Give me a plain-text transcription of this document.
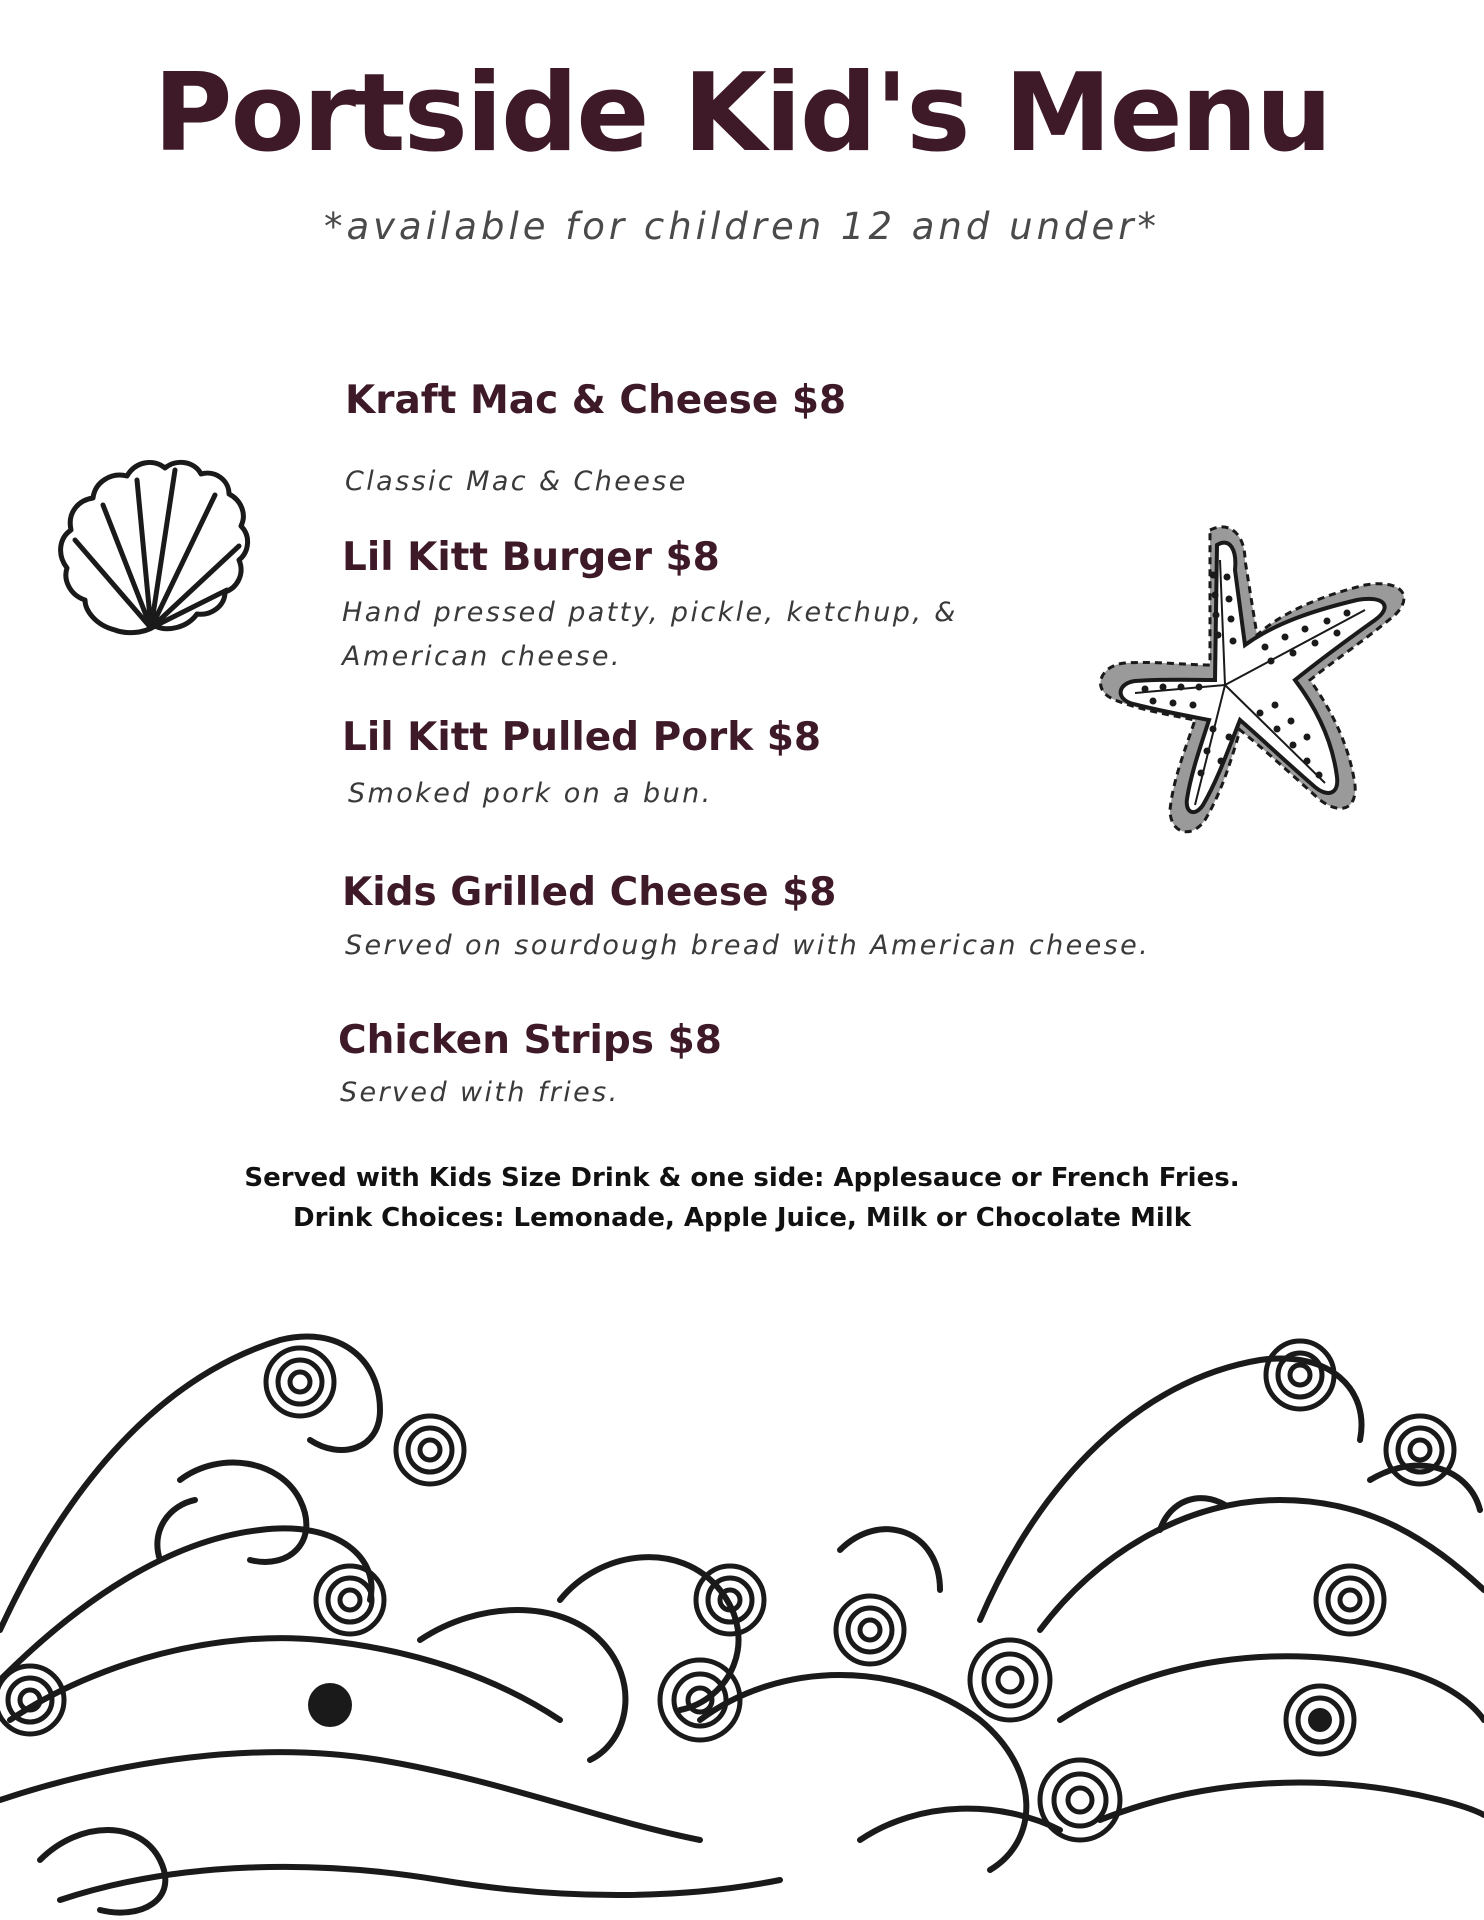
Portside Kid's Menu
*available for children 12 and under*
Kraft Mac & Cheese $8
Classic Mac & Cheese
Lil Kitt Burger $8
Hand pressed patty, pickle, ketchup, & American cheese.
Lil Kitt Pulled Pork $8
Smoked pork on a bun.
Kids Grilled Cheese $8
Served on sourdough bread with American cheese.
Chicken Strips $8
Served with fries.
Served with Kids Size Drink & one side: Applesauce or French Fries.
Drink Choices: Lemonade, Apple Juice, Milk or Chocolate Milk
